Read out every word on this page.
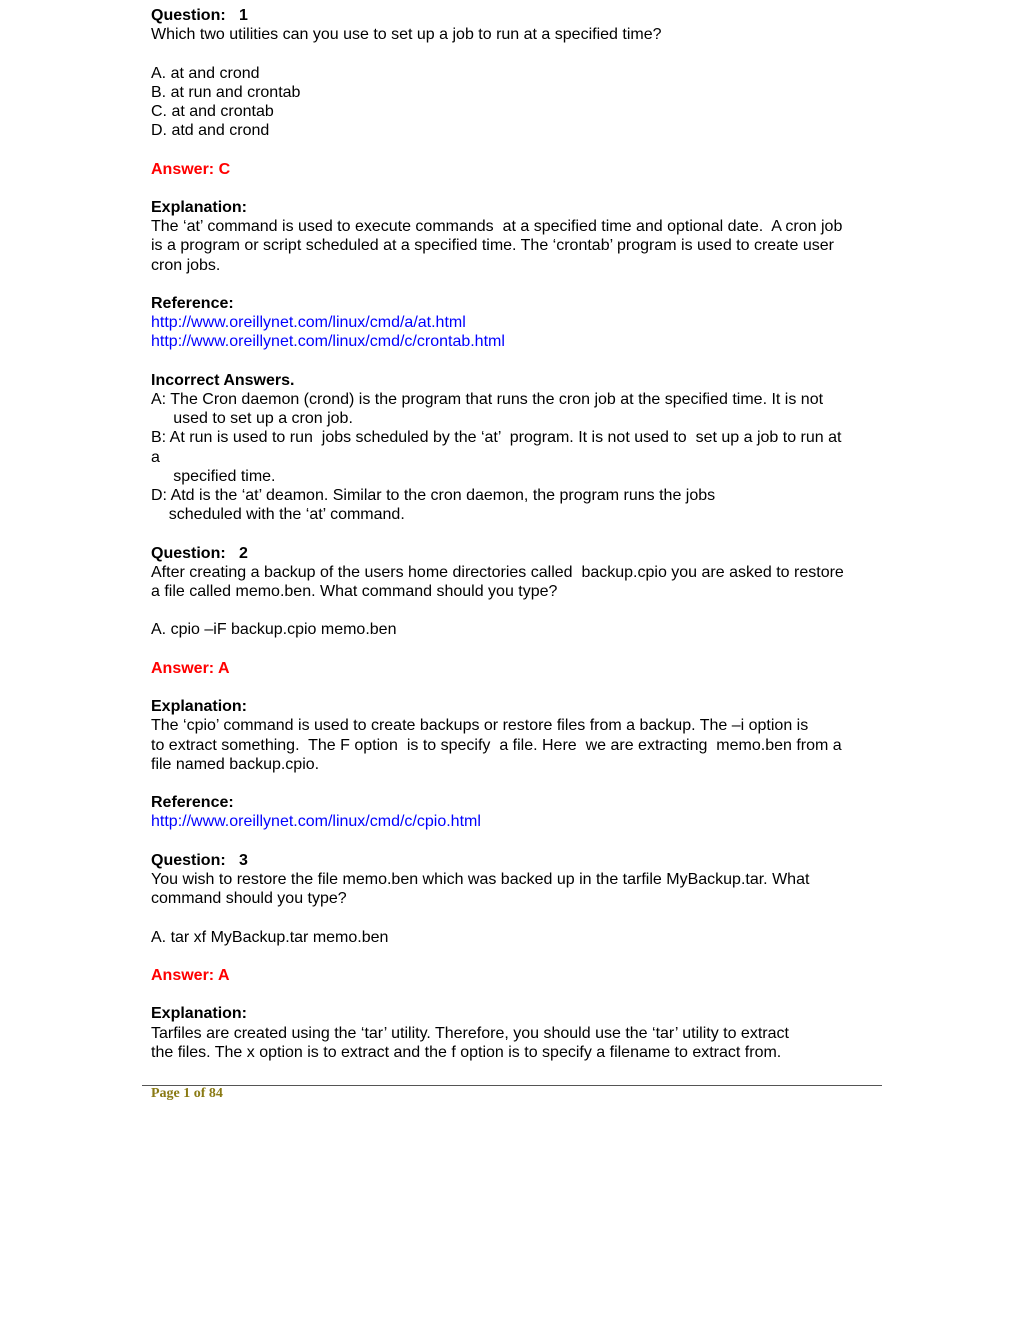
Question:   1
Which two utilities can you use to set up a job to run at a specified time?
A. at and crond
B. at run and crontab
C. at and crontab
D. atd and crond
Answer: C
Explanation:
The ‘at’ command is used to execute commands  at a specified time and optional date.  A cron job
is a program or script scheduled at a specified time. The ‘crontab’ program is used to create user
cron jobs.
Reference:
http://www.oreillynet.com/linux/cmd/a/at.html
http://www.oreillynet.com/linux/cmd/c/crontab.html
Incorrect Answers.
A: The Cron daemon (crond) is the program that runs the cron job at the specified time. It is not
used to set up a cron job.
B: At run is used to run  jobs scheduled by the ‘at’  program. It is not used to  set up a job to run at
a
specified time.
D: Atd is the ‘at’ deamon. Similar to the cron daemon, the program runs the jobs
scheduled with the ‘at’ command.
Question:   2
After creating a backup of the users home directories called  backup.cpio you are asked to restore
a file called memo.ben. What command should you type?
A. cpio –iF backup.cpio memo.ben
Answer: A
Explanation:
The ‘cpio’ command is used to create backups or restore files from a backup. The –i option is
to extract something.  The F option  is to specify  a file. Here  we are extracting  memo.ben from a
file named backup.cpio.
Reference:
http://www.oreillynet.com/linux/cmd/c/cpio.html
Question:   3
You wish to restore the file memo.ben which was backed up in the tarfile MyBackup.tar. What
command should you type?
A. tar xf MyBackup.tar memo.ben
Answer: A
Explanation:
Tarfiles are created using the ‘tar’ utility. Therefore, you should use the ‘tar’ utility to extract
the files. The x option is to extract and the f option is to specify a filename to extract from.
Page 1 of 84
